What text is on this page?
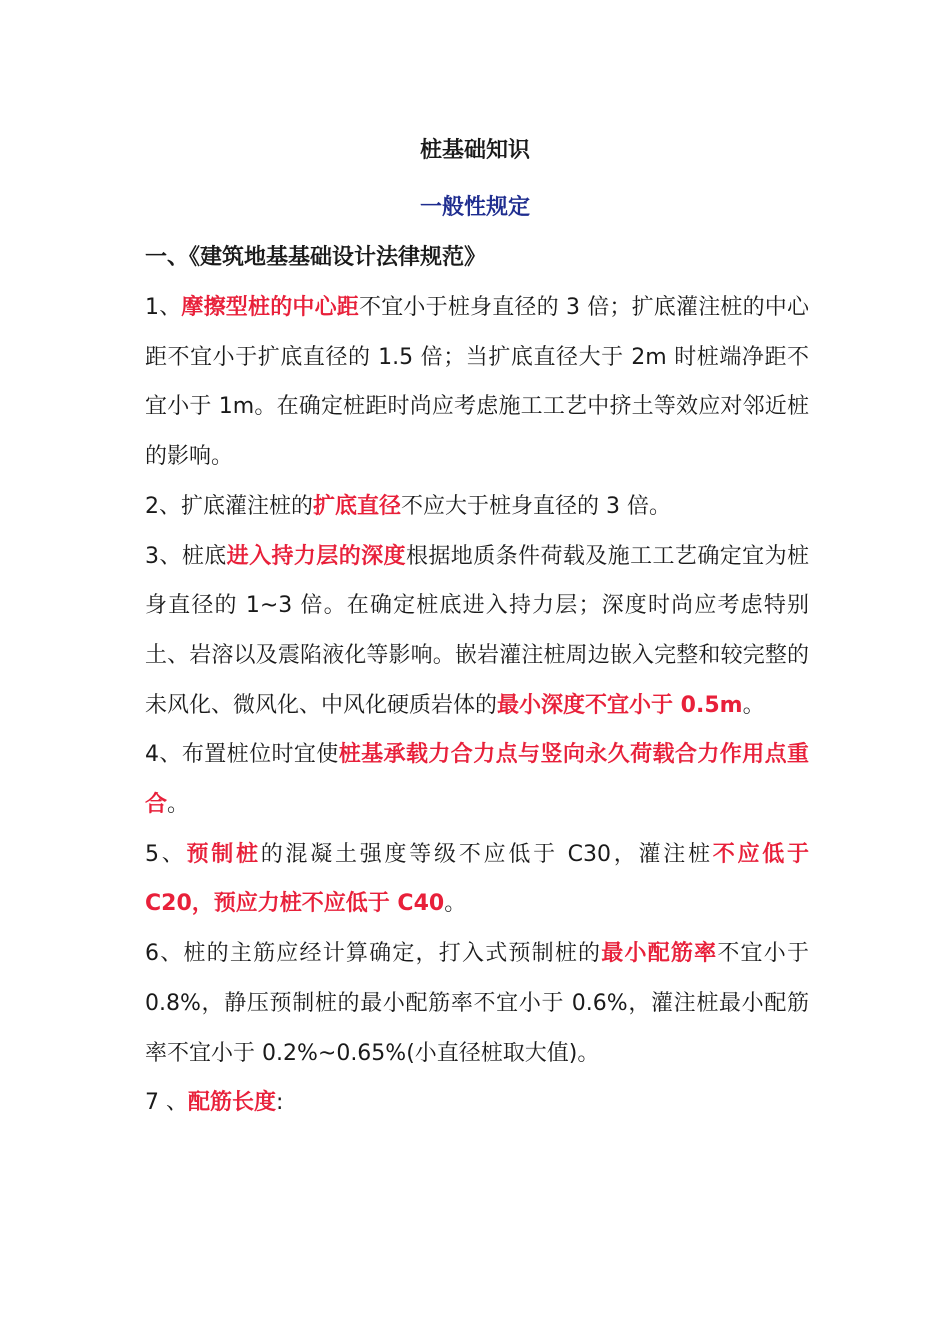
桩基础知识
一般性规定
一、《建筑地基基础设计法律规范》

1、摩擦型桩的中心距不宜小于桩身直径的 3 倍；扩底灌注桩的中心距不宜小于扩底直径的 1.5 倍；当扩底直径大于 2m 时桩端净距不宜小于 1m。在确定桩距时尚应考虑施工工艺中挤土等效应对邻近桩的影响。

2、扩底灌注桩的扩底直径不应大于桩身直径的 3 倍。

3、桩底进入持力层的深度根据地质条件荷载及施工工艺确定宜为桩身直径的 1~3 倍。在确定桩底进入持力层；深度时尚应考虑特别土、岩溶以及震陷液化等影响。嵌岩灌注桩周边嵌入完整和较完整的未风化、微风化、中风化硬质岩体的最小深度不宜小于 0.5m。

4、布置桩位时宜使桩基承载力合力点与竖向永久荷载合力作用点重合。

5、预制桩的混凝土强度等级不应低于 C30，灌注桩不应低于 C20，预应力桩不应低于 C40。

6、桩的主筋应经计算确定，打入式预制桩的最小配筋率不宜小于 0.8%，静压预制桩的最小配筋率不宜小于 0.6%，灌注桩最小配筋率不宜小于 0.2%~0.65%(小直径桩取大值)。

7 、配筋长度:
